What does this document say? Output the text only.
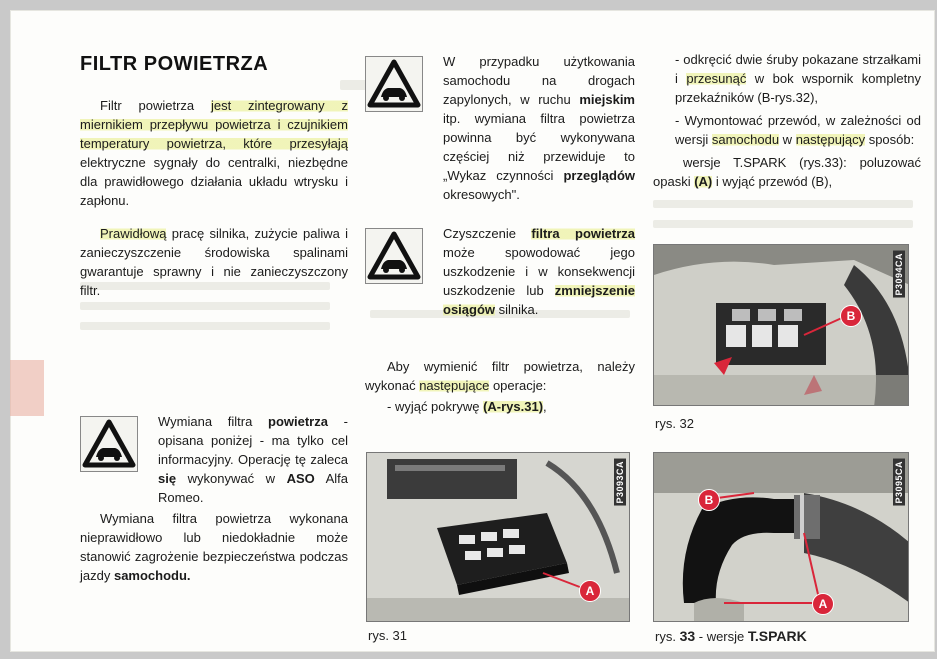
FILTR POWIETRZA

Filtr powietrza jest zintegrowany z miernikiem przepływu powietrza i czujnikiem temperatury powietrza, które przesyłają elektryczne sygnały do centralki, niezbędne dla prawidłowego działania układu wtrysku i zapłonu.

Prawidłową pracę silnika, zużycie paliwa i zanieczyszczenie środowiska spalinami gwarantuje sprawny i nie zanieczyszczony filtr.

Wymiana filtra powietrza - opisana poniżej - ma tylko cel informacyjny. Operację tę zaleca się wykonywać w ASO Alfa Romeo.

Wymiana filtra powietrza wykonana nieprawidłowo lub niedokładnie może stanowić zagrożenie bezpieczeństwa podczas jazdy samochodu.

W przypadku użytkowania samochodu na drogach zapylonych, w ruchu miejskim itp. wymiana filtra powietrza powinna być wykonywana częściej niż przewiduje to „Wykaz czynności przeglądów okresowych".

Czyszczenie filtra powietrza może spowodować jego uszkodzenie i w konsekwencji uszkodzenie lub zmniejszenie osiągów silnika.

Aby wymienić filtr powietrza, należy wykonać następujące operacje:

- wyjąć pokrywę (A-rys.31),

P3093CA
A
rys. 31

- odkręcić dwie śruby pokazane strzałkami i przesunąć w bok wspornik kompletny przekaźników (B-rys.32),

- Wymontować przewód, w zależności od wersji samochodu w następujący sposób:

wersje T.SPARK (rys.33): poluzować opaski (A) i wyjąć przewód (B),

P3094CA
B
rys. 32
P3095CA
B
A
rys. 33 - wersje T.SPARK
